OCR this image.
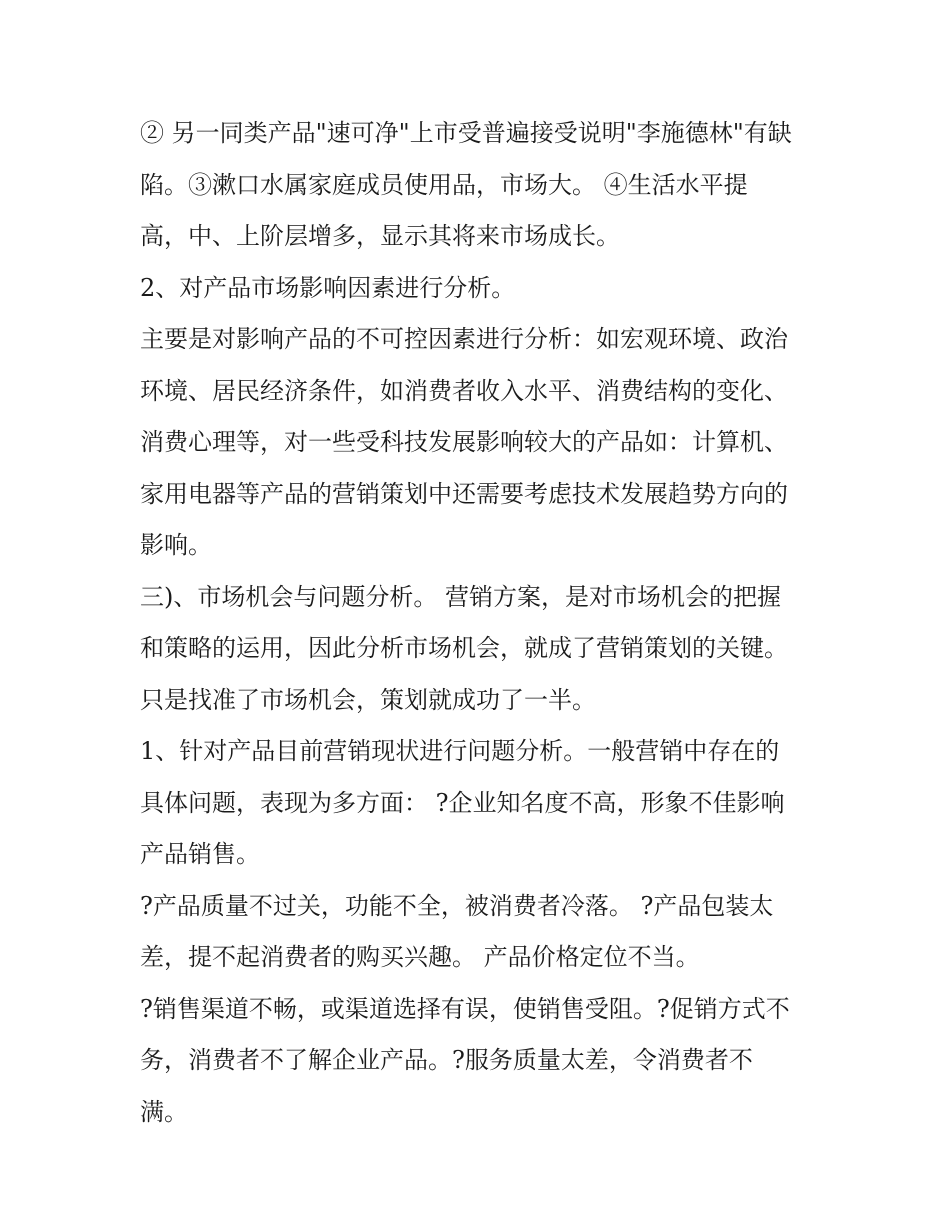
② 另一同类产品"速可净"上市受普遍接受说明"李施德林"有缺
陷。③漱口水属家庭成员使用品，市场大。 ④生活水平提
高，中、上阶层增多，显示其将来市场成长。
2、对产品市场影响因素进行分析。
主要是对影响产品的不可控因素进行分析：如宏观环境、政治
环境、居民经济条件，如消费者收入水平、消费结构的变化、
消费心理等，对一些受科技发展影响较大的产品如：计算机、
家用电器等产品的营销策划中还需要考虑技术发展趋势方向的
影响。
三)、市场机会与问题分析。 营销方案，是对市场机会的把握
和策略的运用，因此分析市场机会，就成了营销策划的关键。
只是找准了市场机会，策划就成功了一半。
1、针对产品目前营销现状进行问题分析。一般营销中存在的
具体问题，表现为多方面： ?企业知名度不高，形象不佳影响
产品销售。
?产品质量不过关，功能不全，被消费者冷落。 ?产品包装太
差，提不起消费者的购买兴趣。 产品价格定位不当。
?销售渠道不畅，或渠道选择有误，使销售受阻。?促销方式不
务，消费者不了解企业产品。?服务质量太差，令消费者不
满。
